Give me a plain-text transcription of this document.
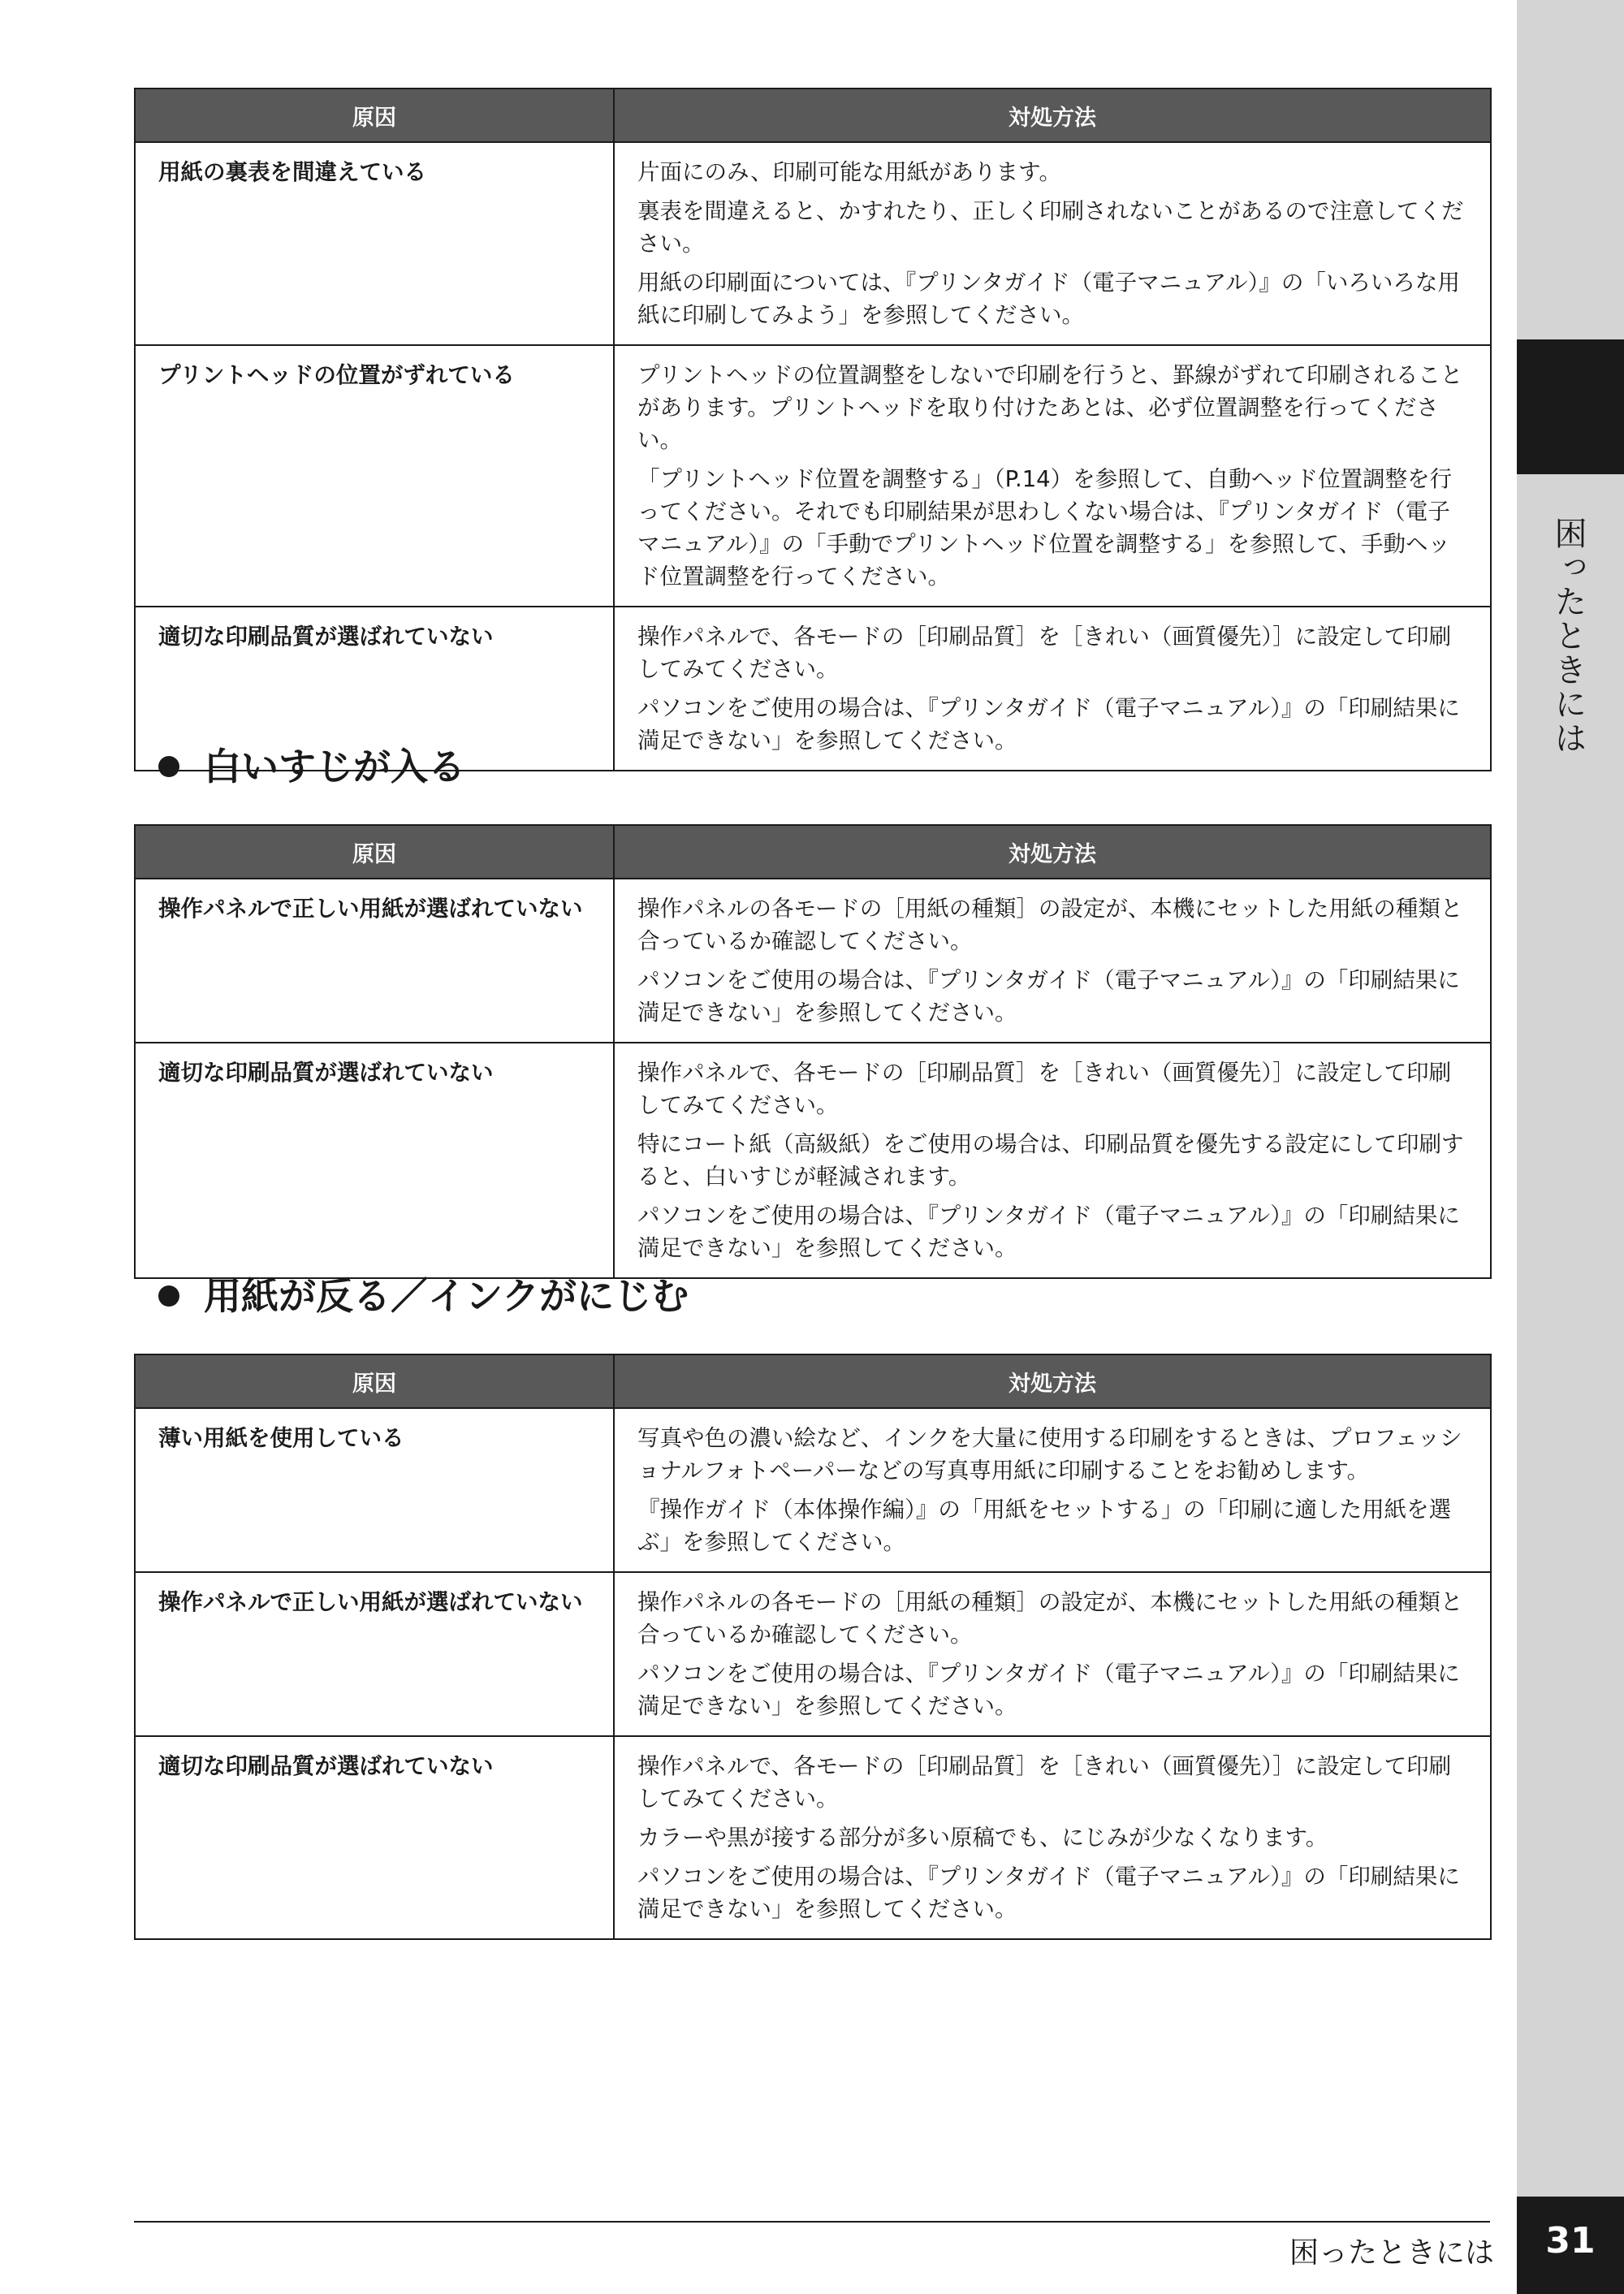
困ったときには
原因	対処方法
用紙の裏表を間違えている	片面にのみ、印刷可能な用紙があります。

裏表を間違えると、かすれたり、正しく印刷されないことがあるので注意してください。

用紙の印刷面については、『プリンタガイド（電子マニュアル）』の「いろいろな用紙に印刷してみよう」を参照してください。

プリントヘッドの位置がずれている	プリントヘッドの位置調整をしないで印刷を行うと、罫線がずれて印刷されることがあります。プリントヘッドを取り付けたあとは、必ず位置調整を行ってください。

「プリントヘッド位置を調整する」（P.14）を参照して、自動ヘッド位置調整を行ってください。それでも印刷結果が思わしくない場合は、『プリンタガイド（電子マニュアル）』の「手動でプリントヘッド位置を調整する」を参照して、手動ヘッド位置調整を行ってください。

適切な印刷品質が選ばれていない	操作パネルで、各モードの［印刷品質］を［きれい（画質優先）］に設定して印刷してみてください。

パソコンをご使用の場合は、『プリンタガイド（電子マニュアル）』の「印刷結果に満足できない」を参照してください。

白いすじが入る
原因	対処方法
操作パネルで正しい用紙が選ばれていない	操作パネルの各モードの［用紙の種類］の設定が、本機にセットした用紙の種類と合っているか確認してください。

パソコンをご使用の場合は、『プリンタガイド（電子マニュアル）』の「印刷結果に満足できない」を参照してください。

適切な印刷品質が選ばれていない	操作パネルで、各モードの［印刷品質］を［きれい（画質優先）］に設定して印刷してみてください。

特にコート紙（高級紙）をご使用の場合は、印刷品質を優先する設定にして印刷すると、白いすじが軽減されます。

パソコンをご使用の場合は、『プリンタガイド（電子マニュアル）』の「印刷結果に満足できない」を参照してください。

用紙が反る／インクがにじむ
原因	対処方法
薄い用紙を使用している	写真や色の濃い絵など、インクを大量に使用する印刷をするときは、プロフェッショナルフォトペーパーなどの写真専用紙に印刷することをお勧めします。

『操作ガイド（本体操作編）』の「用紙をセットする」の「印刷に適した用紙を選ぶ」を参照してください。

操作パネルで正しい用紙が選ばれていない	操作パネルの各モードの［用紙の種類］の設定が、本機にセットした用紙の種類と合っているか確認してください。

パソコンをご使用の場合は、『プリンタガイド（電子マニュアル）』の「印刷結果に満足できない」を参照してください。

適切な印刷品質が選ばれていない	操作パネルで、各モードの［印刷品質］を［きれい（画質優先）］に設定して印刷してみてください。

カラーや黒が接する部分が多い原稿でも、にじみが少なくなります。

パソコンをご使用の場合は、『プリンタガイド（電子マニュアル）』の「印刷結果に満足できない」を参照してください。

困ったときには	31
